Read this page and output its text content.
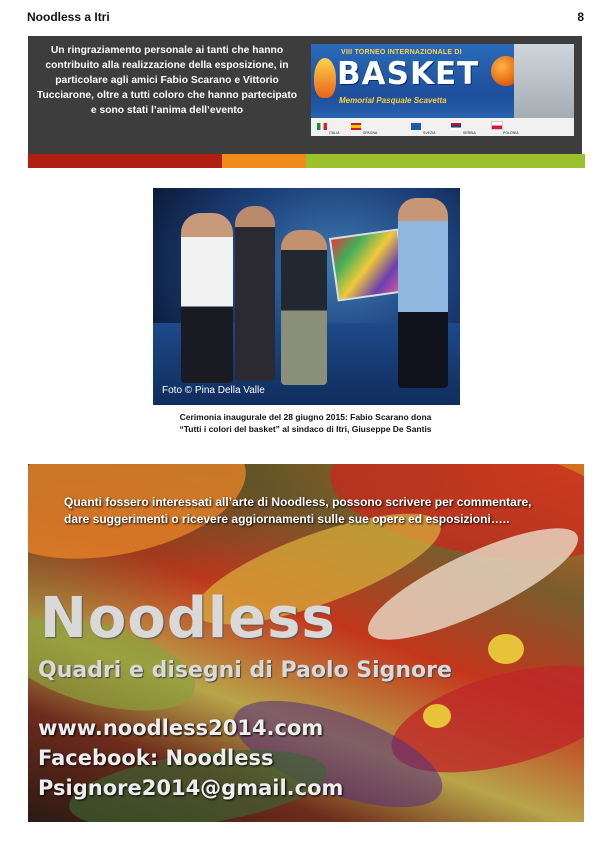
Noodless a Itri	8
Un ringraziamento personale ai tanti che hanno contribuito alla realizzazione della esposizione, in particolare agli amici Fabio Scarano e Vittorio Tucciarone, oltre a tutti coloro che hanno partecipato e sono stati l’anima dell’evento
VIII TORNEO INTERNAZIONALE DI
BASKET
Memorial Pasquale Scavetta
ITALIA	SPAGNA	SVEZIA	SERBIA	POLONIA
Foto © Pina Della Valle
Cerimonia inaugurale del 28 giugno 2015: Fabio Scarano dona
“Tutti i colori del basket” al sindaco di Itri, Giuseppe De Santis
Quanti fossero interessati all’arte di Noodless, possono scrivere per commentare, dare suggerimenti o ricevere aggiornamenti sulle sue opere ed esposizioni…..
Noodless
Quadri e disegni di Paolo Signore
www.noodless2014.com
Facebook: Noodless
Psignore2014@gmail.com
